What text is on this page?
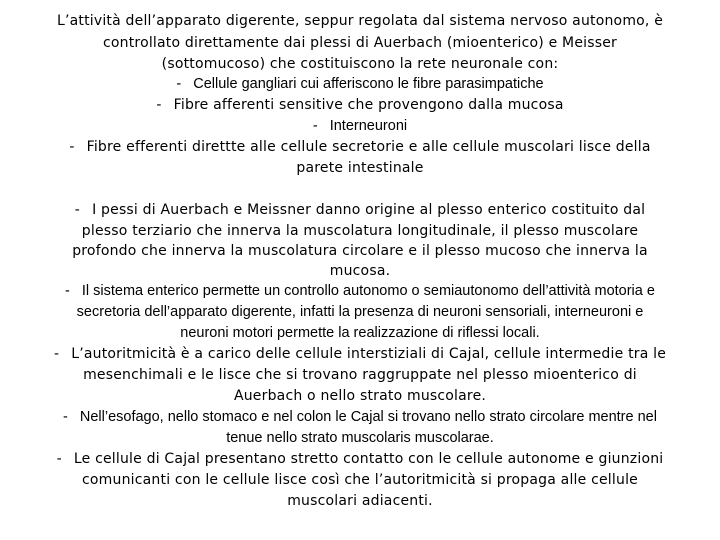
L’attività dell’apparato digerente, seppur regolata dal sistema nervoso autonomo, è
controllato direttamente dai plessi di Auerbach (mioenterico) e Meisser
(sottomucoso) che costituiscono la rete neuronale con:
- Cellule gangliari cui afferiscono le fibre parasimpatiche
- Fibre afferenti sensitive che provengono dalla mucosa
- Interneuroni
- Fibre efferenti direttte alle cellule secretorie e alle cellule muscolari lisce della
parete intestinale
- I pessi di Auerbach e Meissner danno origine al plesso enterico costituito dal
plesso terziario che innerva la muscolatura longitudinale, il plesso muscolare
profondo che innerva la muscolatura circolare e il plesso mucoso che innerva la
mucosa.
- Il sistema enterico permette un controllo autonomo o semiautonomo dell’attività motoria e
secretoria dell’apparato digerente, infatti la presenza di neuroni sensoriali, interneuroni e
neuroni motori permette la realizzazione di riflessi locali.
- L’autoritmicità è a carico delle cellule interstiziali di Cajal, cellule intermedie tra le
mesenchimali e le lisce che si trovano raggruppate nel plesso mioenterico di
Auerbach o nello strato muscolare.
- Nell’esofago, nello stomaco e nel colon le Cajal si trovano nello strato circolare mentre nel
tenue nello strato muscolaris muscolarae.
- Le cellule di Cajal presentano stretto contatto con le cellule autonome e giunzioni
comunicanti con le cellule lisce così che l’autoritmicità si propaga alle cellule
muscolari adiacenti.
